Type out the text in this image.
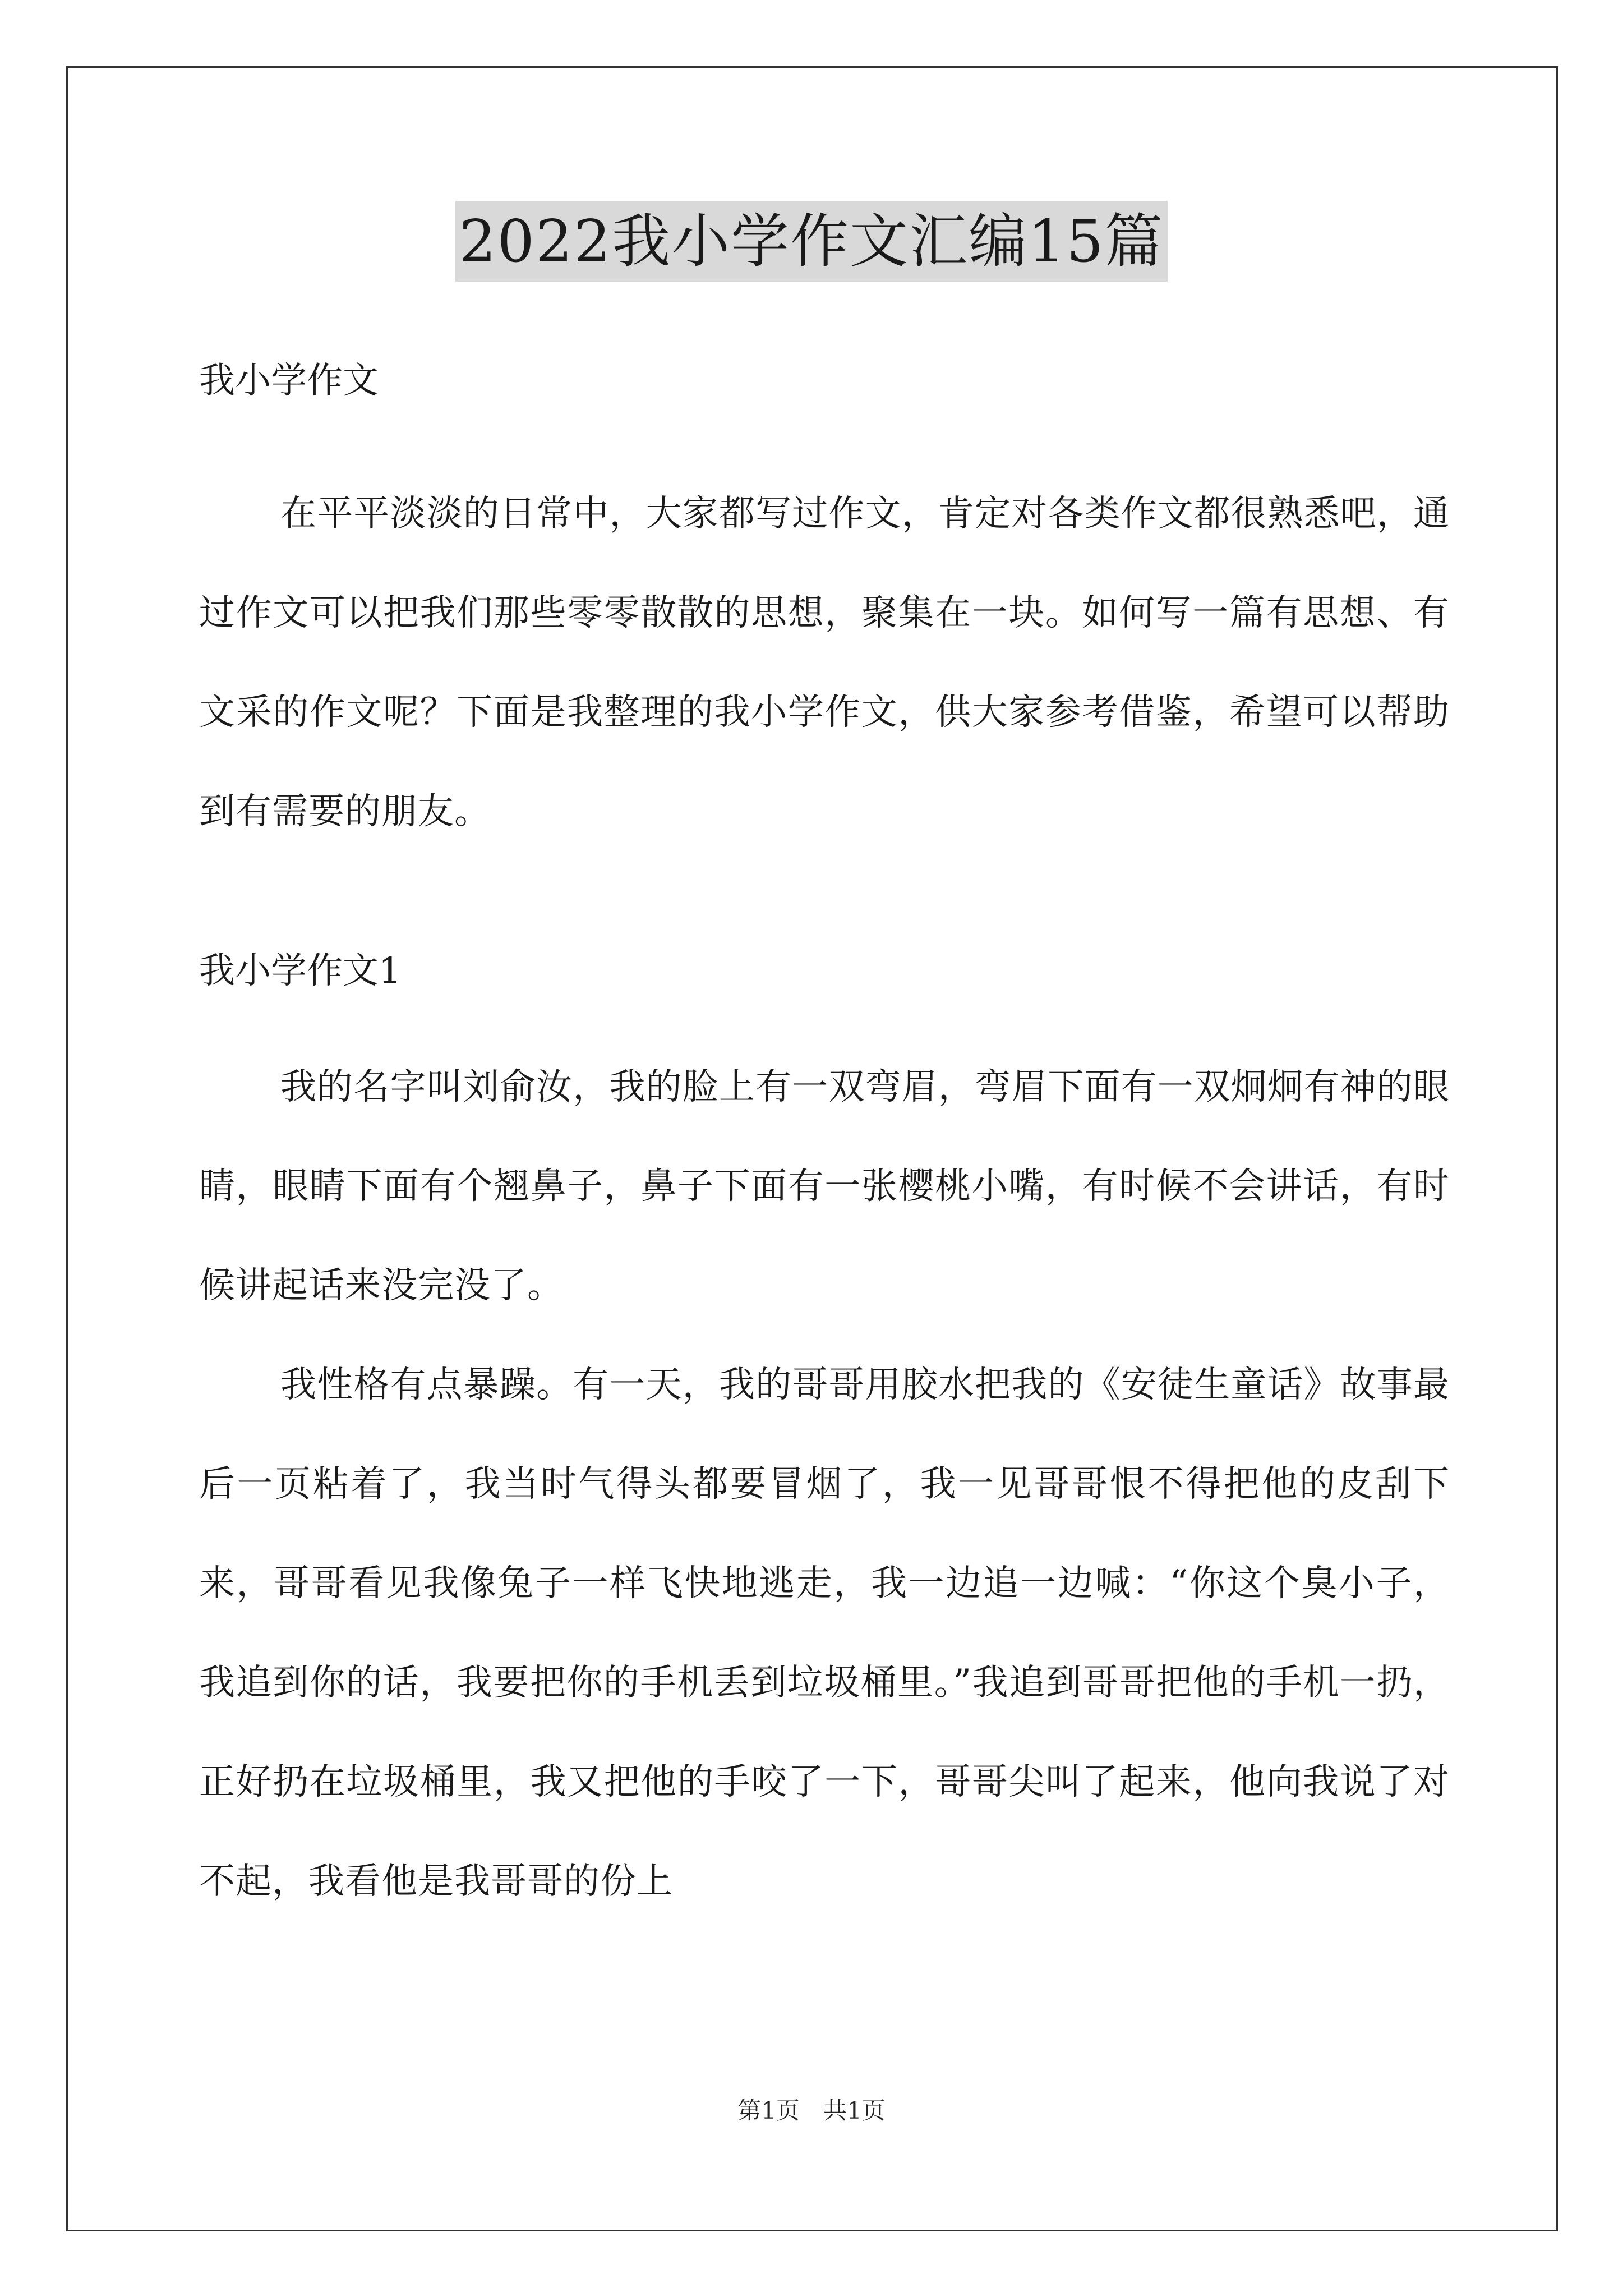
2022我小学作文汇编15篇

我小学作文

在平平淡淡的日常中，大家都写过作文，肯定对各类作文都很熟悉吧，通过作文可以把我们那些零零散散的思想，聚集在一块。如何写一篇有思想、有文采的作文呢？下面是我整理的我小学作文，供大家参考借鉴，希望可以帮助到有需要的朋友。

我小学作文1

我的名字叫刘俞汝，我的脸上有一双弯眉，弯眉下面有一双炯炯有神的眼睛，眼睛下面有个翘鼻子，鼻子下面有一张樱桃小嘴，有时候不会讲话，有时候讲起话来没完没了。

我性格有点暴躁。有一天，我的哥哥用胶水把我的《安徒生童话》故事最后一页粘着了，我当时气得头都要冒烟了，我一见哥哥恨不得把他的皮刮下来，哥哥看见我像兔子一样飞快地逃走，我一边追一边喊：“你这个臭小子，我追到你的话，我要把你的手机丢到垃圾桶里。”我追到哥哥把他的手机一扔，正好扔在垃圾桶里，我又把他的手咬了一下，哥哥尖叫了起来，他向我说了对不起，我看他是我哥哥的份上

第1页　共1页
